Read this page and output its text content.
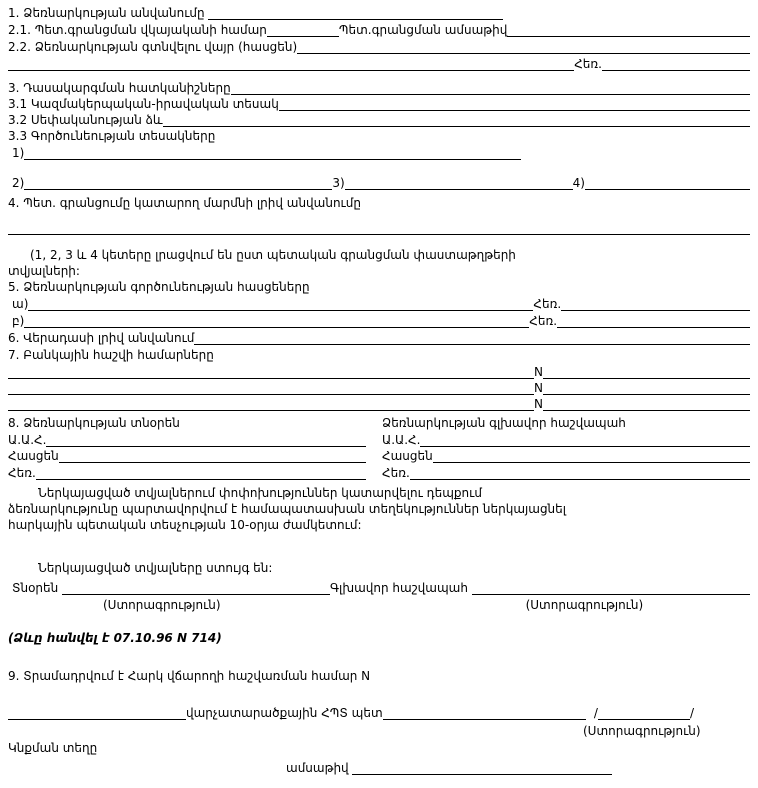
1. Ձեռնարկության անվանումը
2.1. Պետ.գրանցման վկայականի համար	Պետ.գրանցման ամսաթիվ
2.2. Ձեռնարկության գտնվելու վայր (հասցեն)
Հեռ.
3. Դասակարգման հատկանիշները
3.1 Կազմակերպական-իրավական տեսակ
3.2 Սեփականության ձև
3.3 Գործունեության տեսակները
1)
2)	3)	4)
4. Պետ. գրանցումը կատարող մարմնի լրիվ անվանումը
(1, 2, 3 և 4 կետերը լրացվում են ըստ պետական գրանցման փաստաթղթերի
տվյալների:
5. Ձեռնարկության գործունեության հասցեները
ա)	Հեռ.
բ)	Հեռ.
6. Վերադասի լրիվ անվանում
7. Բանկային հաշվի համարները
N
N
N
8. Ձեռնարկության տնօրեն	Ձեռնարկության գլխավոր հաշվապահ
Ա.Ա.Հ.	Ա.Ա.Հ.
Հասցեն	Հասցեն
Հեռ.	Հեռ.
Ներկայացված տվյալներում փոփոխություններ կատարվելու դեպքում
ձեռնարկությունը պարտավորվում է համապատասխան տեղեկություններ ներկայացնել
հարկային պետական տեսչության 10-օրյա ժամկետում:
Ներկայացված տվյալները ստույգ են:
Տնօրեն	Գլխավոր հաշվապահ
(Ստորագրություն)	(Ստորագրություն)
(Ձևը հանվել է 07.10.96 N 714)
9. Տրամադրվում է Հարկ վճարողի հաշվառման համար N
վարչատարածքային ՀՊՏ պետ	/	/
(Ստորագրություն)
Կնքման տեղը
ամսաթիվ
